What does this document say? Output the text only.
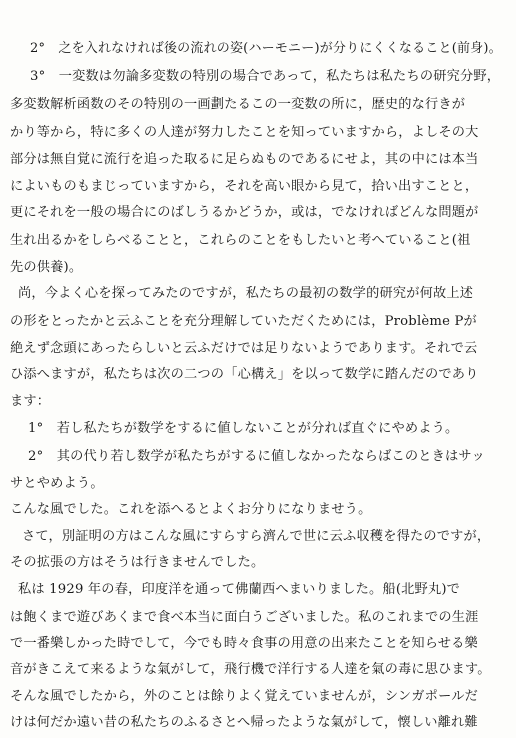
2°　之を入れなければ後の流れの姿(ハーモニー)が分りにくくなること(前身)。
3°　一変数は勿論多変数の特別の場合であって，私たちは私たちの研究分野，
多変数解析函数のその特別の一画劃たるこの一変数の所に，歴史的な行きが
かり等から，特に多くの人達が努力したことを知っていますから，よしその大
部分は無自覚に流行を追った取るに足らぬものであるにせよ，其の中には本当
によいものもまじっていますから，それを高い眼から見て，拾い出すことと，
更にそれを一般の場合にのばしうるかどうか，或は，でなければどんな問題が
生れ出るかをしらべることと，これらのことをもしたいと考へていること(祖
先の供養)。
尚，今よく心を探ってみたのですが，私たちの最初の数学的研究が何故上述
の形をとったかと云ふことを充分理解していただくためには，Problème Pが
絶えず念頭にあったらしいと云ふだけでは足りないようであります。それで云
ひ添へますが，私たちは次の二つの「心構え」を以って数学に踏んだのであり
ます：
1°　若し私たちが数学をするに値しないことが分れば直ぐにやめよう。
2°　其の代り若し数学が私たちがするに値しなかったならばこのときはサッ
サとやめよう。
こんな風でした。これを添へるとよくお分りになりませう。
さて，別証明の方はこんな風にすらすら濟んで世に云ふ収穫を得たのですが，
その拡張の方はそうは行きませんでした。
私は 1929 年の春，印度洋を通って佛蘭西へまいりました。船(北野丸)で
は飽くまで遊びあくまで食べ本当に面白うございました。私のこれまでの生涯
で一番樂しかった時でして，今でも時々食事の用意の出来たことを知らせる樂
音がきこえて来るような氣がして，飛行機で洋行する人達を氣の毒に思ひます。
そんな風でしたから，外のことは餘りよく覚えていませんが，シンガポールだ
けは何だか遠い昔の私たちのふるさとへ帰ったような氣がして，懐しい離れ難
